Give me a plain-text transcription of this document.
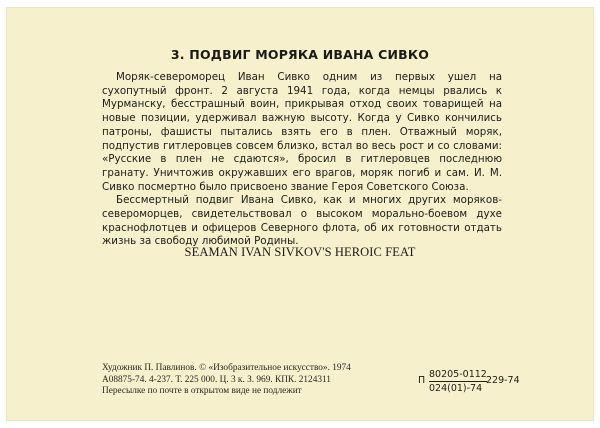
3. ПОДВИГ МОРЯКА ИВАНА СИВКО

Моряк-североморец Иван Сивко одним из первых ушел на сухопутный фронт. 2 августа 1941 года, когда немцы рвались к Мурманску, бесстрашный воин, прикрывая отход своих товарищей на новые позиции, удерживал важную высоту. Когда у Сивко кончились патроны, фашисты пытались взять его в плен. Отважный моряк, подпустив гитлеровцев совсем близко, встал во весь рост и со словами: «Русские в плен не сдаются», бросил в гитлеровцев последнюю гранату. Уничтожив окружавших его врагов, моряк погиб и сам. И. М. Сивко посмертно было присвоено звание Героя Советского Союза.

Бессмертный подвиг Ивана Сивко, как и многих других моряков-североморцев, свидетельствовал о высоком морально-боевом духе краснофлотцев и офицеров Северного флота, об их готовности отдать жизнь за свободу любимой Родины.

SEAMAN IVAN SIVKOV'S HEROIC FEAT
Художник П. Павлинов. © «Изобразительное искусство». 1974
А08875-74. 4-237. Т. 225 000. Ц. 3 к. З. 969. КПК. 2124311
Пересылке по почте в открытом виде не подлежит
П $\frac{80205-0112}{024(01)-74} 229-74$
